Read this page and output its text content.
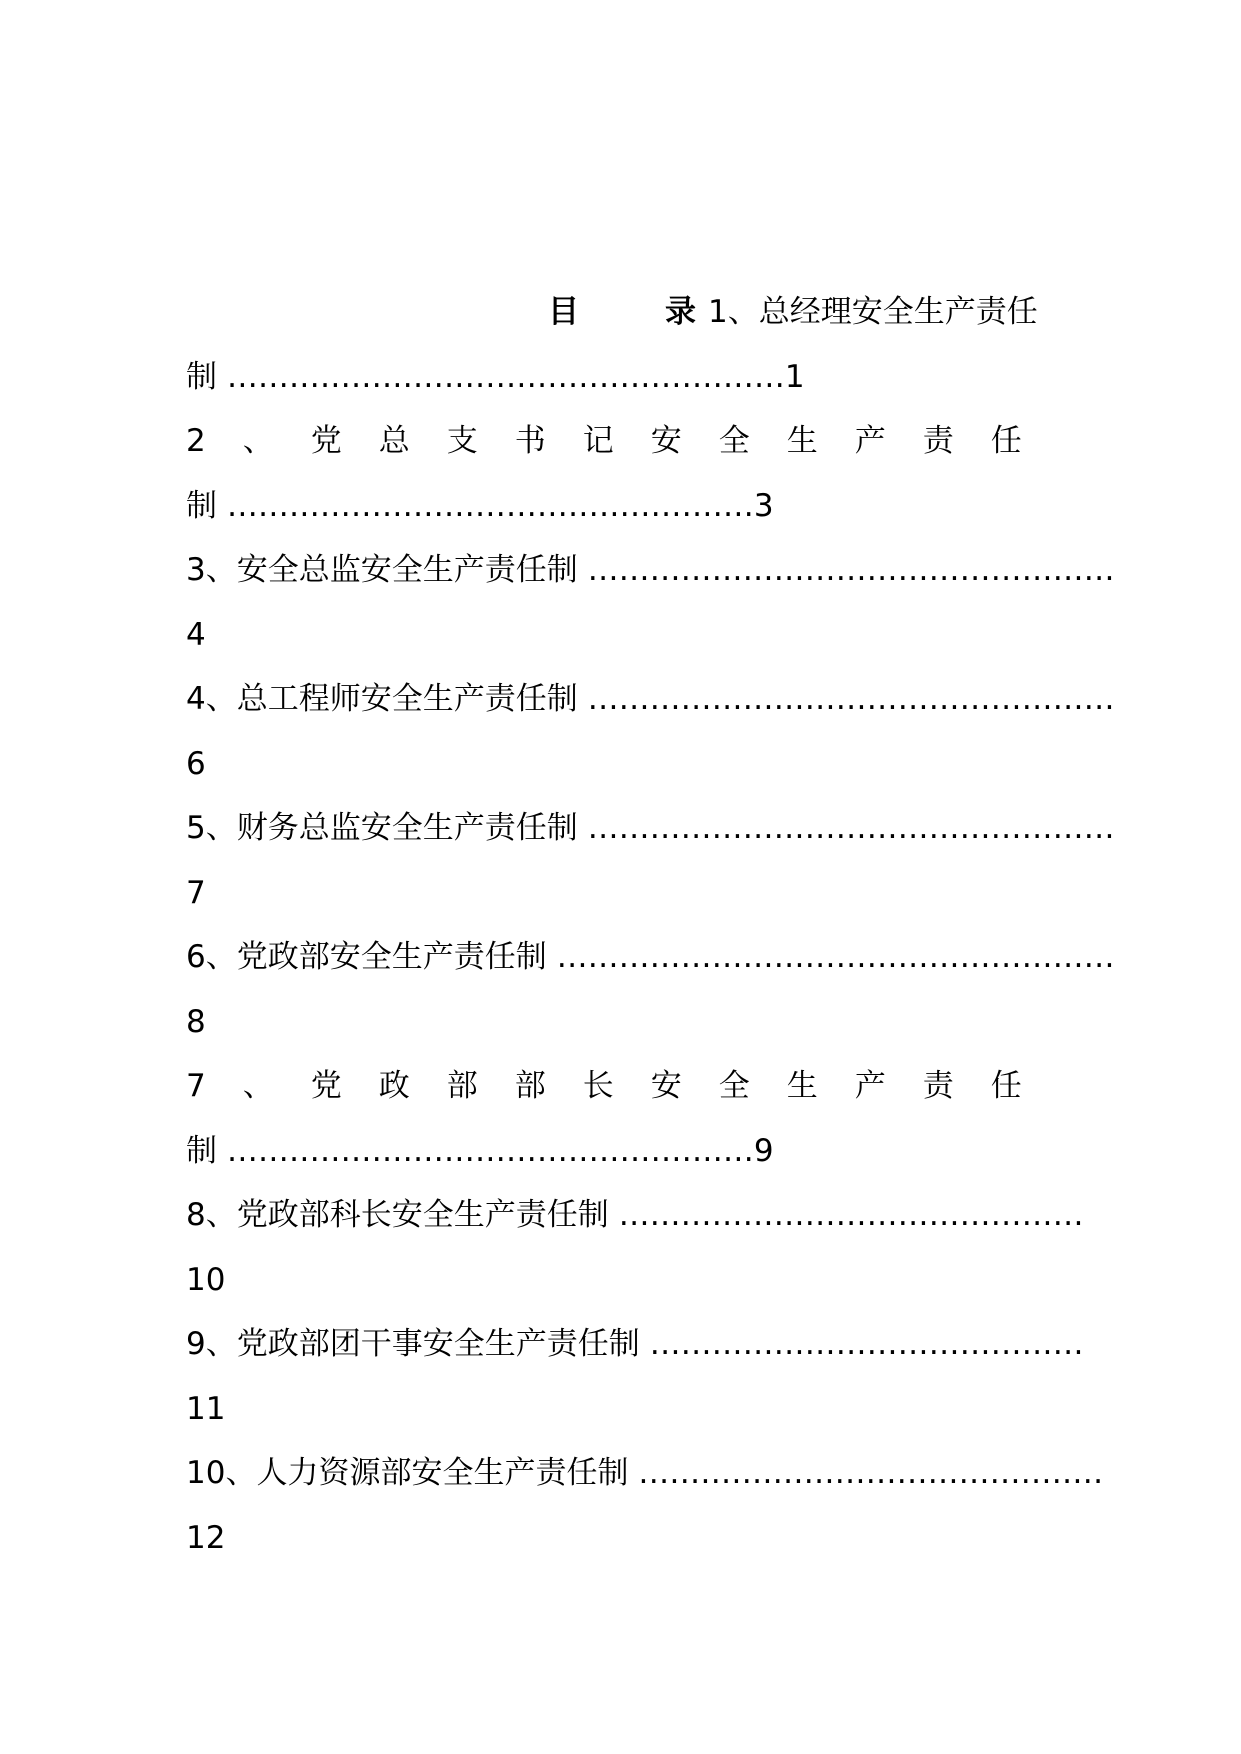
目	录 1、总经理安全生产责任
制 ………………………………………………1
2、党总支书记安全生产责任
制 ……………………………………………3
3、安全总监安全生产责任制 ……………………………………………
4
4、总工程师安全生产责任制 ……………………………………………
6
5、财务总监安全生产责任制 ……………………………………………
7
6、党政部安全生产责任制 ………………………………………………
8
7、党政部部长安全生产责任
制 ……………………………………………9
8、党政部科长安全生产责任制 ………………………………………
10
9、党政部团干事安全生产责任制 ……………………………………
11
10、人力资源部安全生产责任制 ………………………………………
12
